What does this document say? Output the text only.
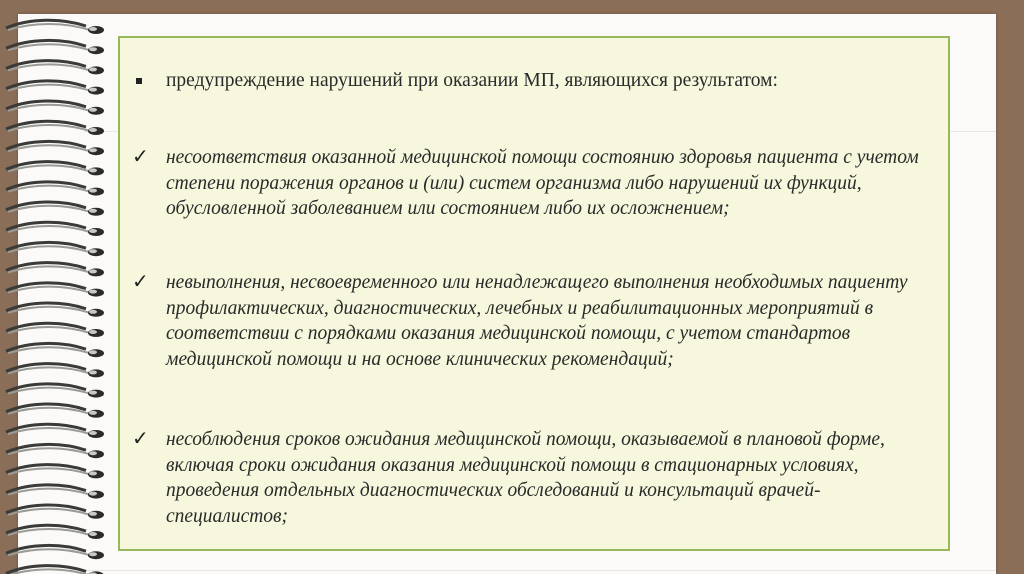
предупреждение нарушений при оказании МП, являющихся результатом:
✓ несоответствия оказанной медицинской помощи состоянию здоровья пациента с учетом степени поражения органов и (или) систем организма либо нарушений их функций, обусловленной заболеванием или состоянием либо их осложнением;
✓ невыполнения, несвоевременного или ненадлежащего выполнения необходимых пациенту профилактических, диагностических, лечебных и реабилитационных мероприятий в соответствии с порядками оказания медицинской помощи, с учетом стандартов медицинской помощи и на основе клинических рекомендаций;
✓ несоблюдения сроков ожидания медицинской помощи, оказываемой в плановой форме, включая сроки ожидания оказания медицинской помощи в стационарных условиях, проведения отдельных диагностических обследований и консультаций врачей-специалистов;
